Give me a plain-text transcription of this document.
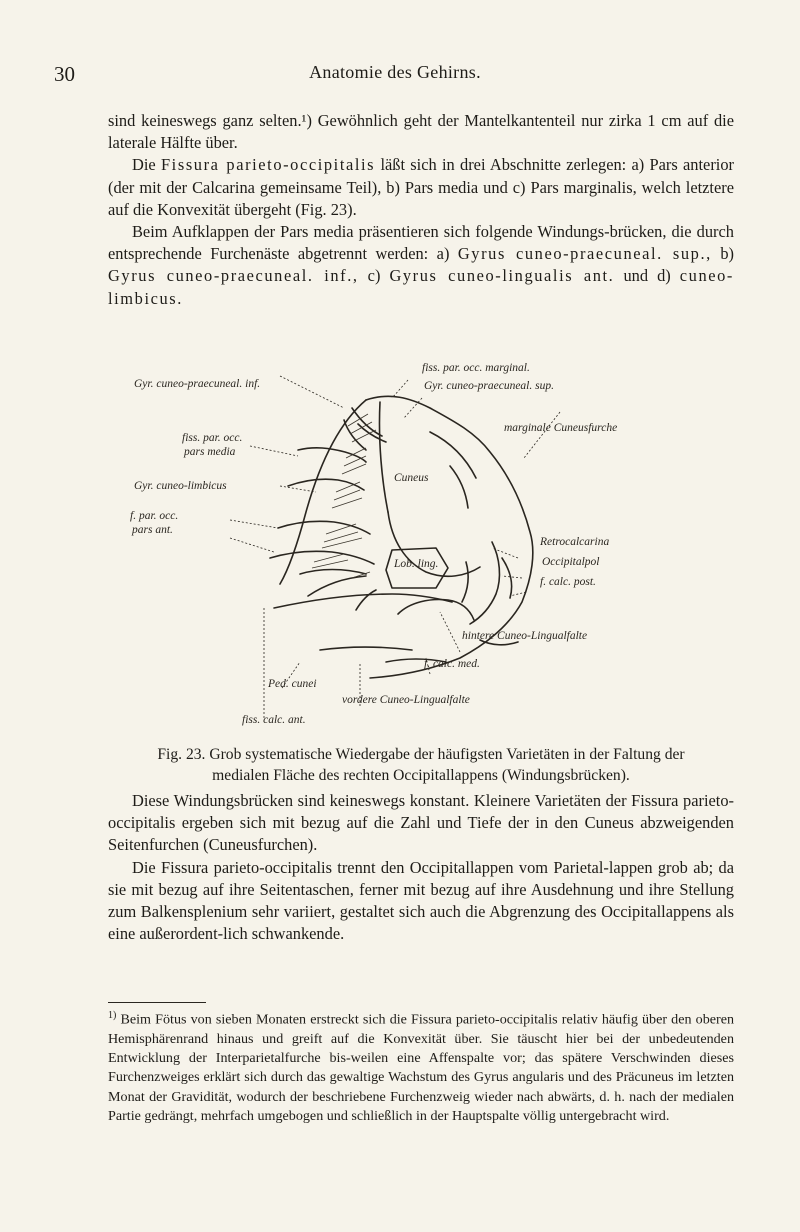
30	Anatomie des Gehirns.

sind keineswegs ganz selten.¹) Gewöhnlich geht der Mantelkantenteil nur zirka 1 cm auf die laterale Hälfte über.

Die Fissura parieto-occipitalis läßt sich in drei Abschnitte zerlegen: a) Pars anterior (der mit der Calcarina gemeinsame Teil), b) Pars media und c) Pars marginalis, welch letztere auf die Konvexität übergeht (Fig. 23).

Beim Aufklappen der Pars media präsentieren sich folgende Windungs-brücken, die durch entsprechende Furchenäste abgetrennt werden: a) Gyrus cuneo-praecuneal. sup., b) Gyrus cuneo-praecuneal. inf., c) Gyrus cuneo-lingualis ant. und d) cuneo-limbicus.

fiss. par. occ. marginal.
Gyr. cuneo-praecuneal. inf.	Gyr. cuneo-praecuneal. sup.
fiss. par. occ.
pars media
marginale Cuneusfurche
Cuneus
Gyr. cuneo-limbicus
f. par. occ.
pars ant.
Lob. ling.
Retrocalcarina
Occipitalpol
f. calc. post.
hintere Cuneo-Lingualfalte
f. calc. med.
Ped. cunei
vordere Cuneo-Lingualfalte
fiss. calc. ant.
Fig. 23. Grob systematische Wiedergabe der häufigsten Varietäten in der Faltung der
medialen Fläche des rechten Occipitallappens (Windungsbrücken).

Diese Windungsbrücken sind keineswegs konstant. Kleinere Varietäten der Fissura parieto-occipitalis ergeben sich mit bezug auf die Zahl und Tiefe der in den Cuneus abzweigenden Seitenfurchen (Cuneusfurchen).

Die Fissura parieto-occipitalis trennt den Occipitallappen vom Parietal-lappen grob ab; da sie mit bezug auf ihre Seitentaschen, ferner mit bezug auf ihre Ausdehnung und ihre Stellung zum Balkensplenium sehr variiert, gestaltet sich auch die Abgrenzung des Occipitallappens als eine außerordent-lich schwankende.

$^{1)}$ Beim Fötus von sieben Monaten erstreckt sich die Fissura parieto-occipitalis relativ häufig über den oberen Hemisphärenrand hinaus und greift auf die Konvexität über. Sie täuscht hier bei der unbedeutenden Entwicklung der Interparietalfurche bis-weilen eine Affenspalte vor; das spätere Verschwinden dieses Furchenzweiges erklärt sich durch das gewaltige Wachstum des Gyrus angularis und des Präcuneus im letzten Monat der Gravidität, wodurch der beschriebene Furchenzweig wieder nach abwärts, d. h. nach der medialen Partie gedrängt, mehrfach umgebogen und schließlich in der Hauptspalte völlig untergebracht wird.
